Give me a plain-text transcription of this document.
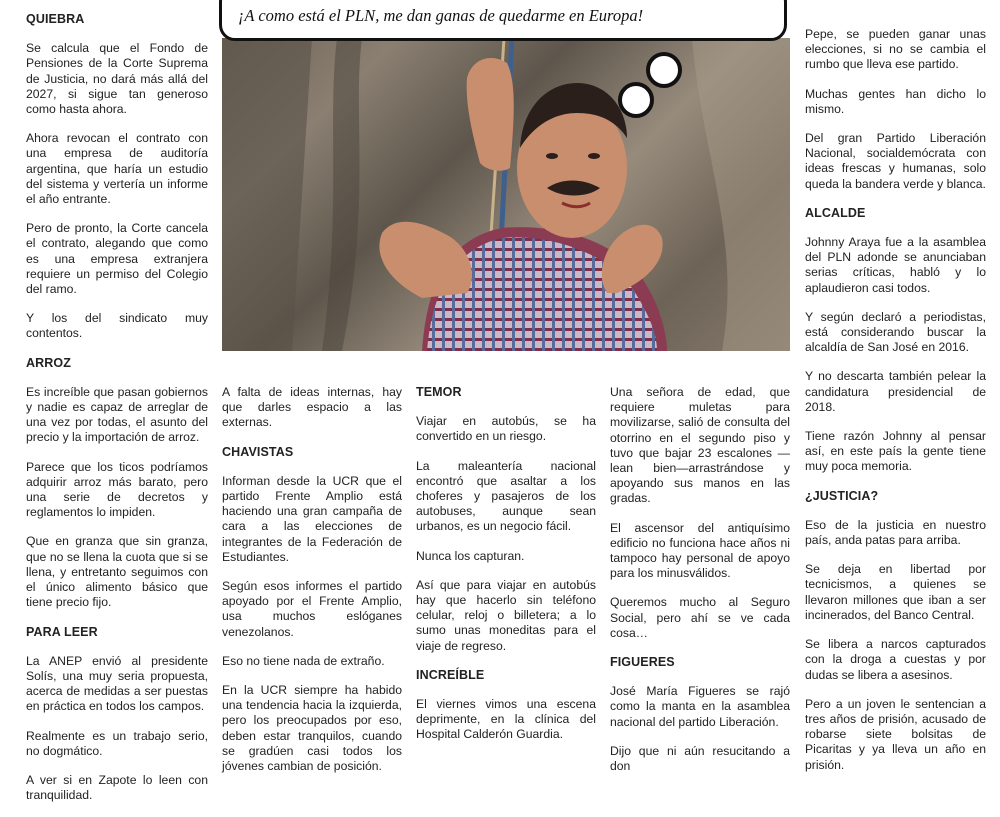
QUIEBRA

Se calcula que el Fondo de Pensiones de la Corte Suprema de Justicia, no dará más allá del 2027, si sigue tan generoso como hasta ahora.

Ahora revocan el contrato con una empresa de auditoría argentina, que haría un estudio del sistema y vertería un informe el año entrante.

Pero de pronto, la Corte cancela el contrato, alegando que como es una empresa extranjera requiere un permiso del Colegio del ramo.

Y los del sindicato muy contentos.

ARROZ

Es increíble que pasan gobiernos y nadie es capaz de arreglar de una vez por todas, el asunto del precio y la importación de arroz.

Parece que los ticos podríamos adquirir arroz más barato, pero una serie de decretos y reglamentos lo impiden.

Que en granza que sin granza, que no se llena la cuota que si se llena, y entretanto seguimos con el único alimento básico que tiene precio fijo.

PARA LEER

La ANEP envió al presidente Solís, una muy seria propuesta, acerca de medidas a ser puestas en práctica en todos los campos.

Realmente es un trabajo serio, no dogmático.

A ver si en Zapote lo leen con tranquilidad.

¡A como está el PLN, me dan ganas de quedarme en Europa!

A falta de ideas internas, hay que darles espacio a las externas.

CHAVISTAS

Informan desde la UCR que el partido Frente Amplio está haciendo una gran campaña de cara a las elecciones de integrantes de la Federación de Estudiantes.

Según esos informes el partido apoyado por el Frente Amplio, usa muchos eslóganes venezolanos.

Eso no tiene nada de extraño.

En la UCR siempre ha habido una tendencia hacia la izquierda, pero los preocupados por eso, deben estar tranquilos, cuando se gradúen casi todos los jóvenes cambian de posición.

TEMOR

Viajar en autobús, se ha convertido en un riesgo.

La maleantería nacional encontró que asaltar a los choferes y pasajeros de los autobuses, aunque sean urbanos, es un negocio fácil.

Nunca los capturan.

Así que para viajar en autobús hay que hacerlo sin teléfono celular, reloj o billetera; a lo sumo unas moneditas para el viaje de regreso.

INCREÍBLE

El viernes vimos una escena deprimente, en la clínica del Hospital Calderón Guardia.

Una señora de edad, que requiere muletas para movilizarse, salió de consulta del otorrino en el segundo piso y tuvo que bajar 23 escalones —lean bien—arrastrándose y apoyando sus manos en las gradas.

El ascensor del antiquísimo edificio no funciona hace años ni tampoco hay personal de apoyo para los minusválidos.

Queremos mucho al Seguro Social, pero ahí se ve cada cosa…

FIGUERES

José María Figueres se rajó como la manta en la asamblea nacional del partido Liberación.

Dijo que ni aún resucitando a don

Pepe, se pueden ganar unas elecciones, si no se cambia el rumbo que lleva ese partido.

Muchas gentes han dicho lo mismo.

Del gran Partido Liberación Nacional, socialdemócrata con ideas frescas y humanas, solo queda la bandera verde y blanca.

ALCALDE

Johnny Araya fue a la asamblea del PLN adonde se anunciaban serias críticas, habló y lo aplaudieron casi todos.

Y según declaró a periodistas, está considerando buscar la alcaldía de San José en 2016.

Y no descarta también pelear la candidatura presidencial de 2018.

Tiene razón Johnny al pensar así, en este país la gente tiene muy poca memoria.

¿JUSTICIA?

Eso de la justicia en nuestro país, anda patas para arriba.

Se deja en libertad por tecnicismos, a quienes se llevaron millones que iban a ser incinerados, del Banco Central.

Se libera a narcos capturados con la droga a cuestas y por dudas se libera a asesinos.

Pero a un joven le sentencian a tres años de prisión, acusado de robarse siete bolsitas de Picaritas y ya lleva un año en prisión.
